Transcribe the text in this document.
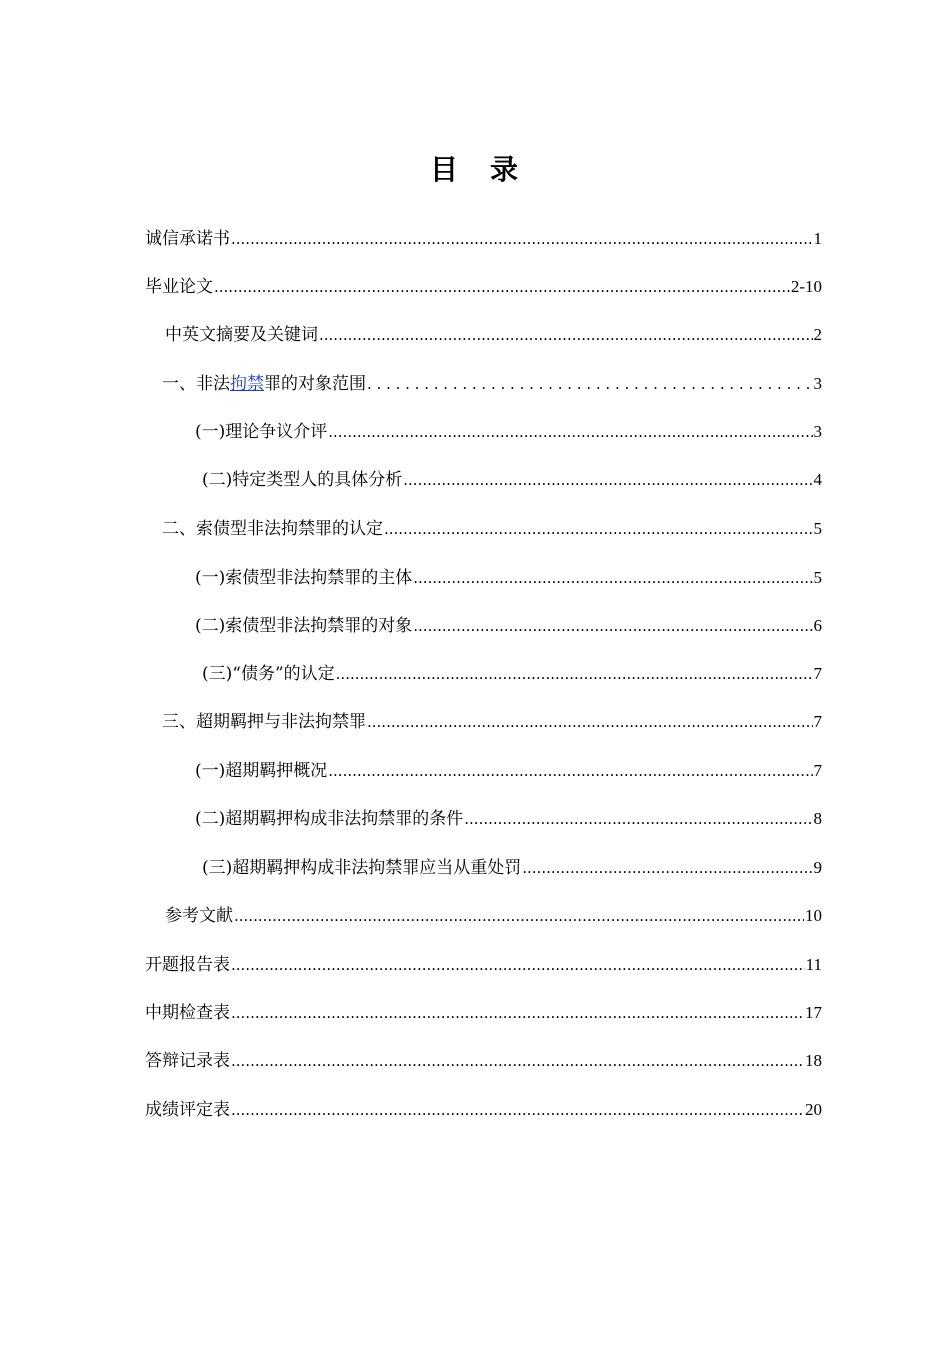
目 录
诚信承诺书 .....	1
毕业论文 .....	2-10
中英文摘要及关键词 .....	2
一、非法拘禁罪的对象范围 . . .	3
(一)理论争议介评 .....	3
(二)特定类型人的具体分析 .....	4
二、索债型非法拘禁罪的认定 .....	5
(一)索债型非法拘禁罪的主体 .....	5
(二)索债型非法拘禁罪的对象 .....	6
(三)“债务”的认定 .....	7
三、超期羁押与非法拘禁罪 .....	7
(一)超期羁押概况 .....	7
(二)超期羁押构成非法拘禁罪的条件 .....	8
(三)超期羁押构成非法拘禁罪应当从重处罚 .....	9
参考文献 .....	10
开题报告表 .....	11
中期检查表 .....	17
答辩记录表 .....	18
成绩评定表 .....	20
